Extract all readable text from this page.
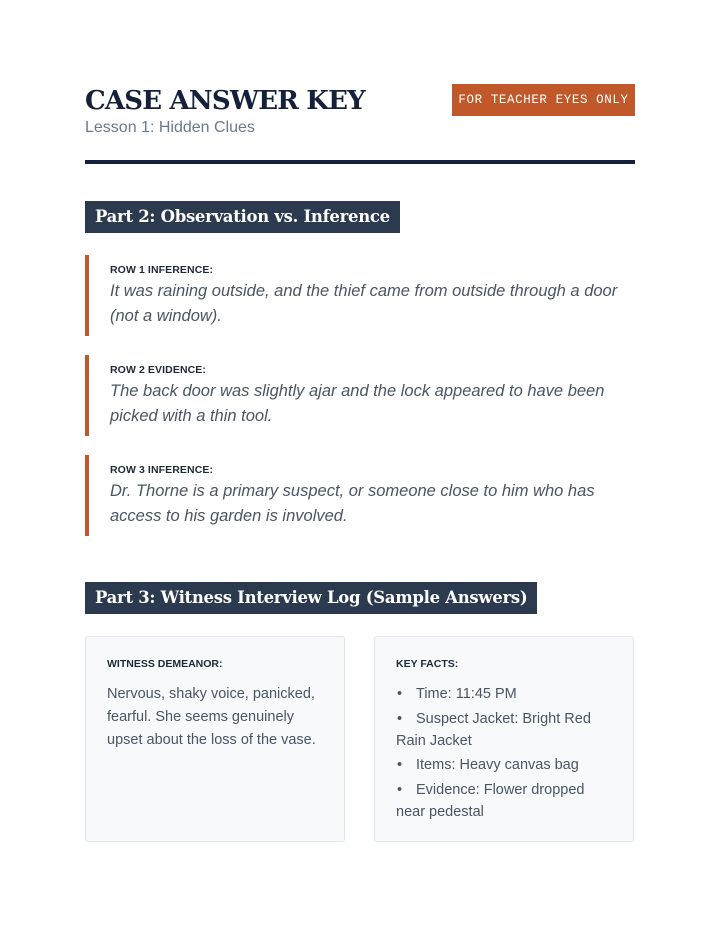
CASE ANSWER KEY
Lesson 1: Hidden Clues
FOR TEACHER EYES ONLY
Part 2: Observation vs. Inference
ROW 1 INFERENCE:
It was raining outside, and the thief came from outside through a door (not a window).
ROW 2 EVIDENCE:
The back door was slightly ajar and the lock appeared to have been picked with a thin tool.
ROW 3 INFERENCE:
Dr. Thorne is a primary suspect, or someone close to him who has access to his garden is involved.
Part 3: Witness Interview Log (Sample Answers)
WITNESS DEMEANOR:
Nervous, shaky voice, panicked, fearful. She seems genuinely upset about the loss of the vase.
KEY FACTS:
• Time: 11:45 PM
• Suspect Jacket: Bright Red Rain Jacket
• Items: Heavy canvas bag
• Evidence: Flower dropped near pedestal
